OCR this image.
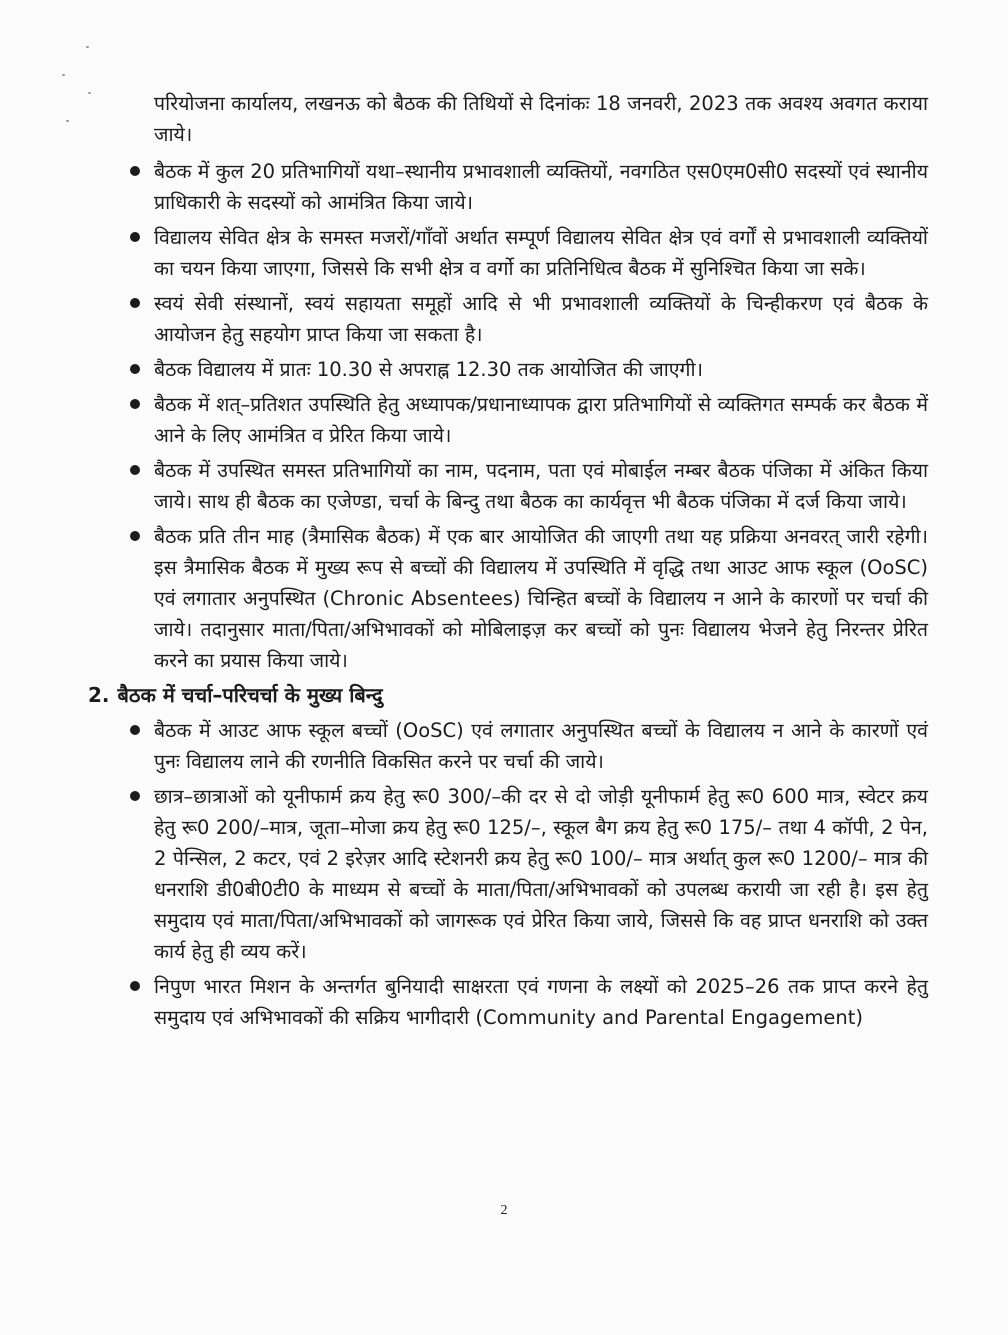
परियोजना कार्यालय, लखनऊ को बैठक की तिथियों से दिनांकः 18 जनवरी, 2023 तक अवश्य अवगत कराया जाये।

बैठक में कुल 20 प्रतिभागियों यथा–स्थानीय प्रभावशाली व्यक्तियों, नवगठित एस0एम0सी0 सदस्यों एवं स्थानीय प्राधिकारी के सदस्यों को आमंत्रित किया जाये।
विद्यालय सेवित क्षेत्र के समस्त मजरों/गाँवों अर्थात सम्पूर्ण विद्यालय सेवित क्षेत्र एवं वर्गों से प्रभावशाली व्यक्तियों का चयन किया जाएगा, जिससे कि सभी क्षेत्र व वर्गो का प्रतिनिधित्व बैठक में सुनिश्चित किया जा सके।
स्वयं सेवी संस्थानों, स्वयं सहायता समूहों आदि से भी प्रभावशाली व्यक्तियों के चिन्हीकरण एवं बैठक के आयोजन हेतु सहयोग प्राप्त किया जा सकता है।
बैठक विद्यालय में प्रातः 10.30 से अपराह्न 12.30 तक आयोजित की जाएगी।
बैठक में शत्–प्रतिशत उपस्थिति हेतु अध्यापक/प्रधानाध्यापक द्वारा प्रतिभागियों से व्यक्तिगत सम्पर्क कर बैठक में आने के लिए आमंत्रित व प्रेरित किया जाये।
बैठक में उपस्थित समस्त प्रतिभागियों का नाम, पदनाम, पता एवं मोबाईल नम्बर बैठक पंजिका में अंकित किया जाये। साथ ही बैठक का एजेण्डा, चर्चा के बिन्दु तथा बैठक का कार्यवृत्त भी बैठक पंजिका में दर्ज किया जाये।
बैठक प्रति तीन माह (त्रैमासिक बैठक) में एक बार आयोजित की जाएगी तथा यह प्रक्रिया अनवरत् जारी रहेगी। इस त्रैमासिक बैठक में मुख्य रूप से बच्चों की विद्यालय में उपस्थिति में वृद्धि तथा आउट आफ स्कूल (OoSC) एवं लगातार अनुपस्थित (Chronic Absentees) चिन्हित बच्चों के विद्यालय न आने के कारणों पर चर्चा की जाये। तदानुसार माता/पिता/अभिभावकों को मोबिलाइज़ कर बच्चों को पुनः विद्यालय भेजने हेतु निरन्तर प्रेरित करने का प्रयास किया जाये।
2. बैठक में चर्चा–परिचर्चा के मुख्य बिन्दु
बैठक में आउट आफ स्कूल बच्चों (OoSC) एवं लगातार अनुपस्थित बच्चों के विद्यालय न आने के कारणों एवं पुनः विद्यालय लाने की रणनीति विकसित करने पर चर्चा की जाये।
छात्र–छात्राओं को यूनीफार्म क्रय हेतु रू0 300/–की दर से दो जोड़ी यूनीफार्म हेतु रू0 600 मात्र, स्वेटर क्रय हेतु रू0 200/–मात्र, जूता–मोजा क्रय हेतु रू0 125/–, स्कूल बैग क्रय हेतु रू0 175/– तथा 4 कॉपी, 2 पेन, 2 पेन्सिल, 2 कटर, एवं 2 इरेज़र आदि स्टेशनरी क्रय हेतु रू0 100/– मात्र अर्थात् कुल रू0 1200/– मात्र की धनराशि डी0बी0टी0 के माध्यम से बच्चों के माता/पिता/अभिभावकों को उपलब्ध करायी जा रही है। इस हेतु समुदाय एवं माता/पिता/अभिभावकों को जागरूक एवं प्रेरित किया जाये, जिससे कि वह प्राप्त धनराशि को उक्त कार्य हेतु ही व्यय करें।
निपुण भारत मिशन के अन्तर्गत बुनियादी साक्षरता एवं गणना के लक्ष्यों को 2025–26 तक प्राप्त करने हेतु समुदाय एवं अभिभावकों की सक्रिय भागीदारी (Community and Parental Engagement)
2
